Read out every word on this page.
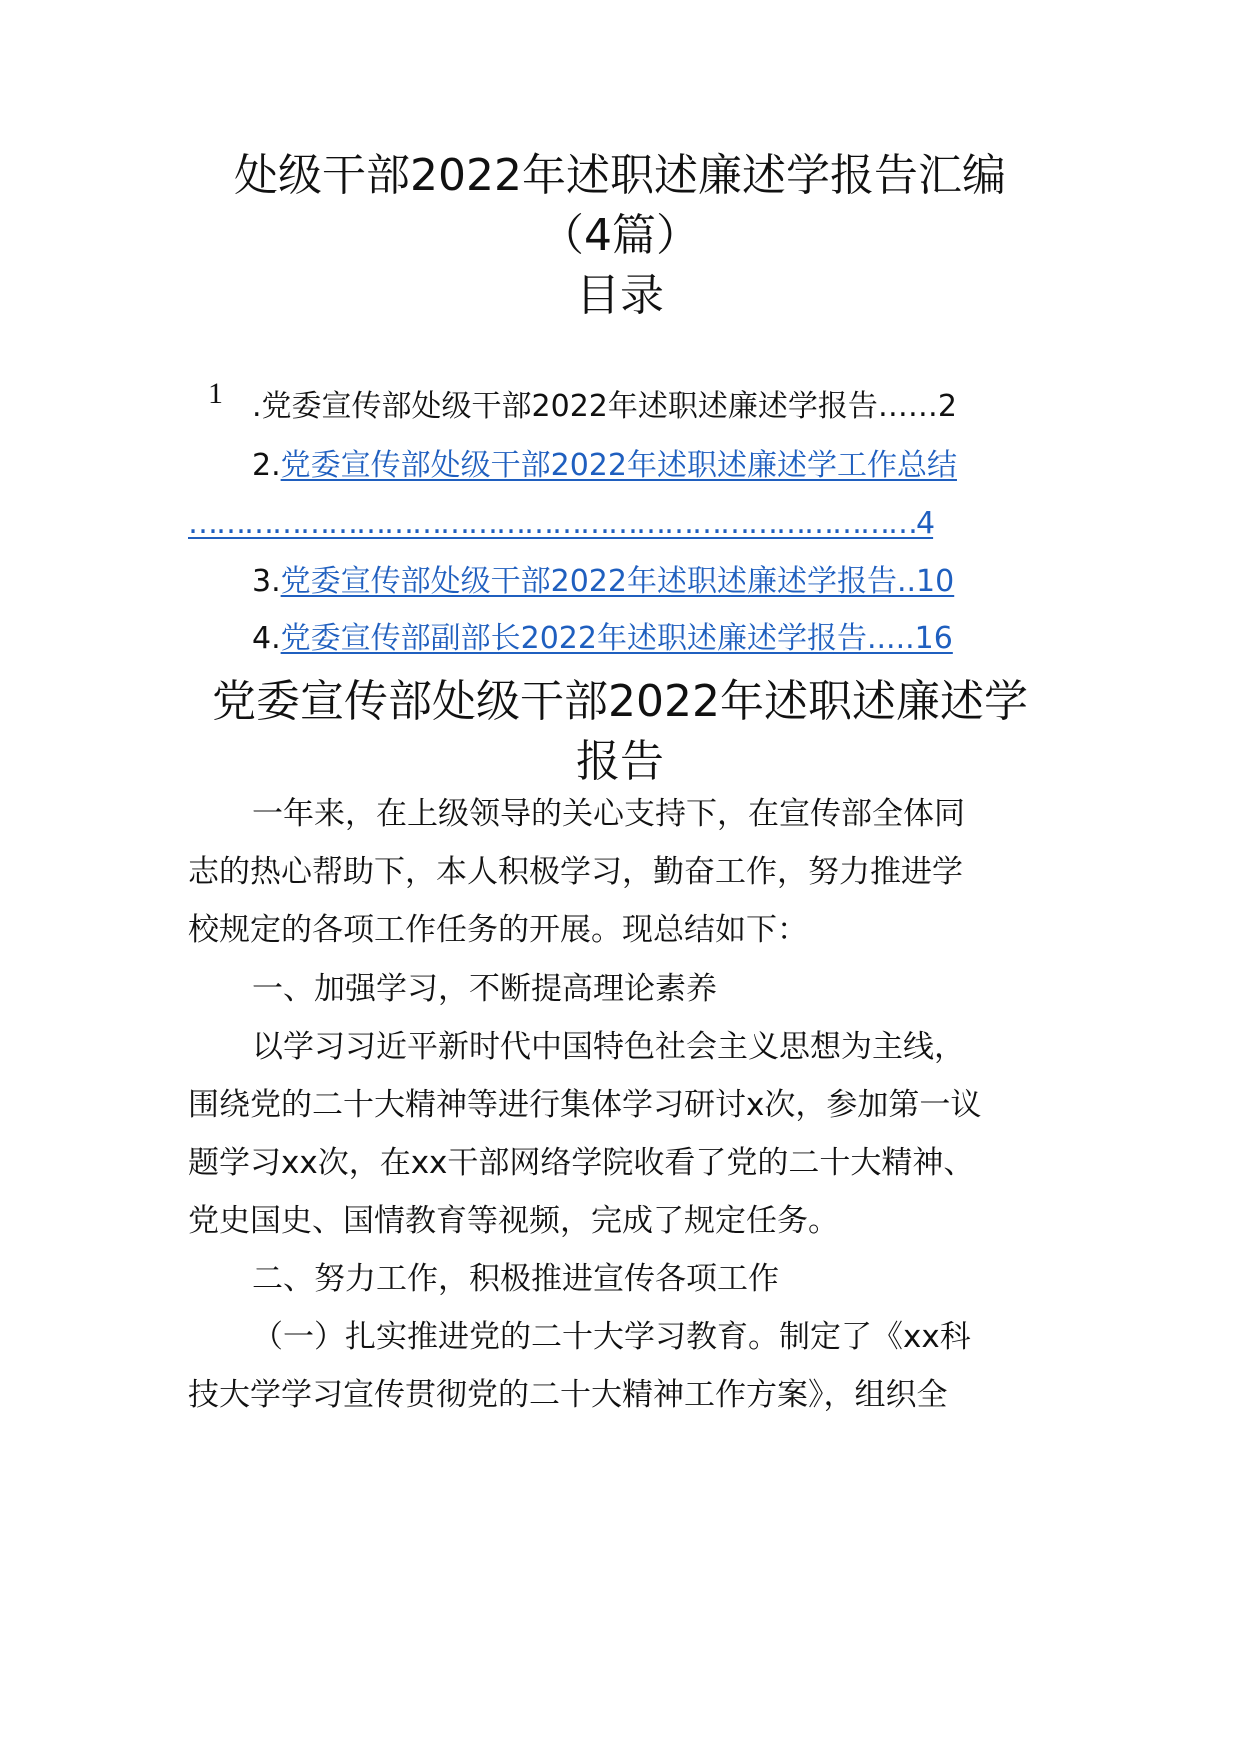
处级干部2022年述职述廉述学报告汇编
（4篇）
目录
1 .党委宣传部处级干部2022年述职述廉述学报告……2
2.党委宣传部处级干部2022年述职述廉述学工作总结
……………………………………………………………………4
3.党委宣传部处级干部2022年述职述廉述学报告..10
4.党委宣传部副部长2022年述职述廉述学报告.....16
党委宣传部处级干部2022年述职述廉述学
报告
一年来，在上级领导的关心支持下，在宣传部全体同
志的热心帮助下，本人积极学习，勤奋工作，努力推进学
校规定的各项工作任务的开展。现总结如下：
一、加强学习，不断提高理论素养
以学习习近平新时代中国特色社会主义思想为主线，
围绕党的二十大精神等进行集体学习研讨x次，参加第一议
题学习xx次，在xx干部网络学院收看了党的二十大精神、
党史国史、国情教育等视频，完成了规定任务。
二、努力工作，积极推进宣传各项工作
（一）扎实推进党的二十大学习教育。制定了《xx科
技大学学习宣传贯彻党的二十大精神工作方案》，组织全
